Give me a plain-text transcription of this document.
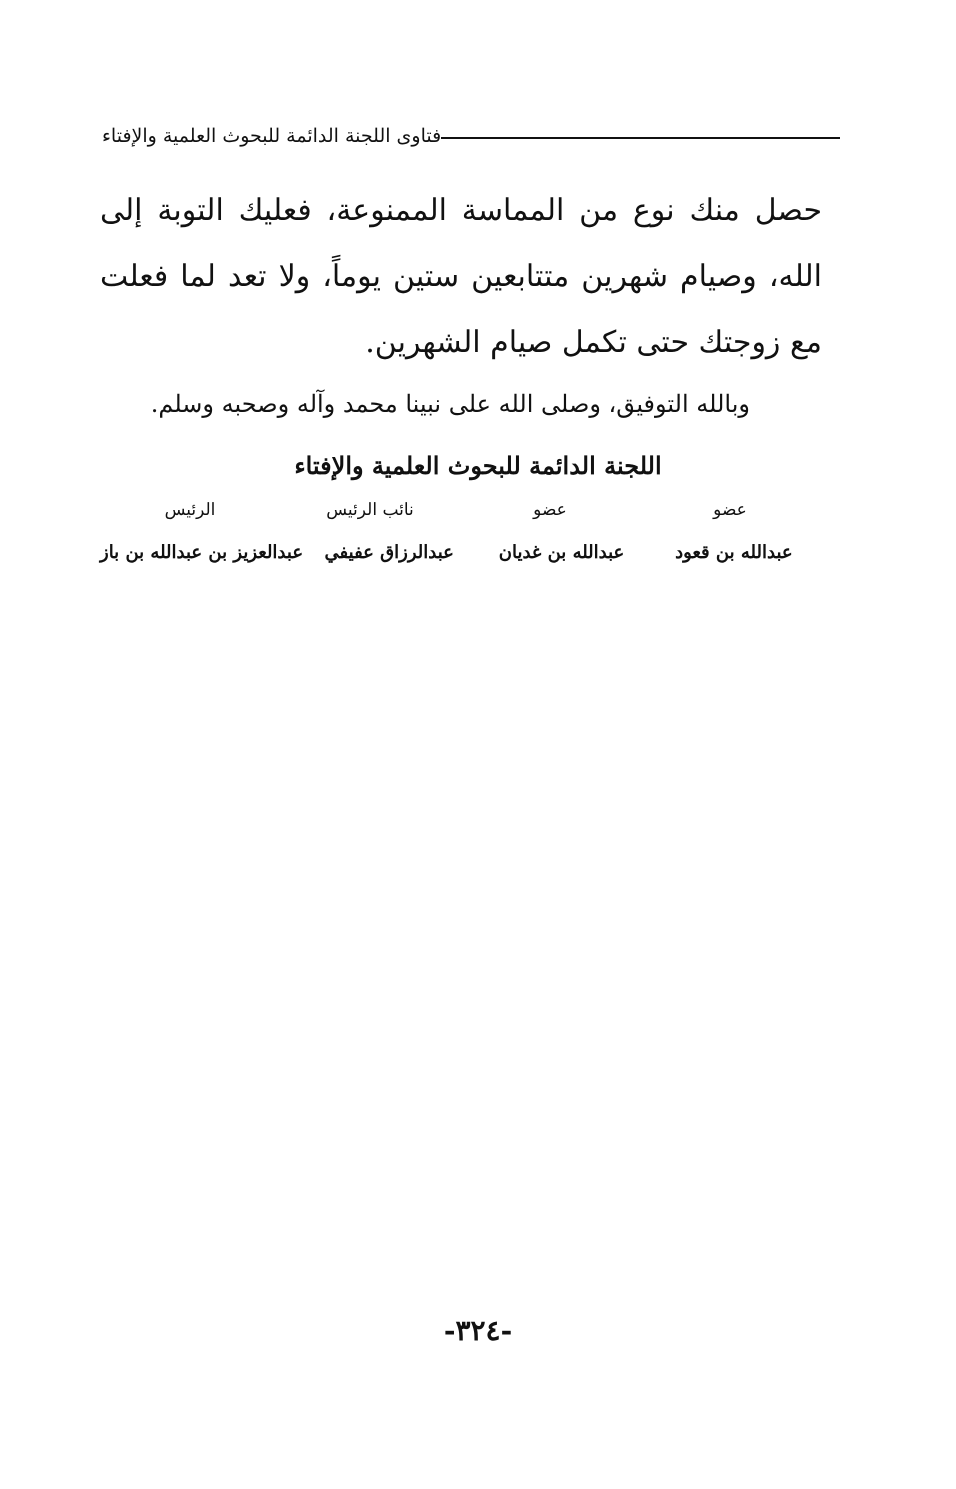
فتاوى اللجنة الدائمة للبحوث العلمية والإفتاء

حصل منك نوع من المماسة الممنوعة، فعليك التوبة إلى الله، وصيام شهرين متتابعين ستين يوماً، ولا تعد لما فعلت مع زوجتك حتى تكمل صيام الشهرين.

وبالله التوفيق، وصلى الله على نبينا محمد وآله وصحبه وسلم.

اللجنة الدائمة للبحوث العلمية والإفتاء
عضو
عضو
نائب الرئيس
الرئيس
عبدالله بن قعود
عبدالله بن غديان
عبدالرزاق عفيفي
عبدالعزيز بن عبدالله بن باز
-٣٢٤-
